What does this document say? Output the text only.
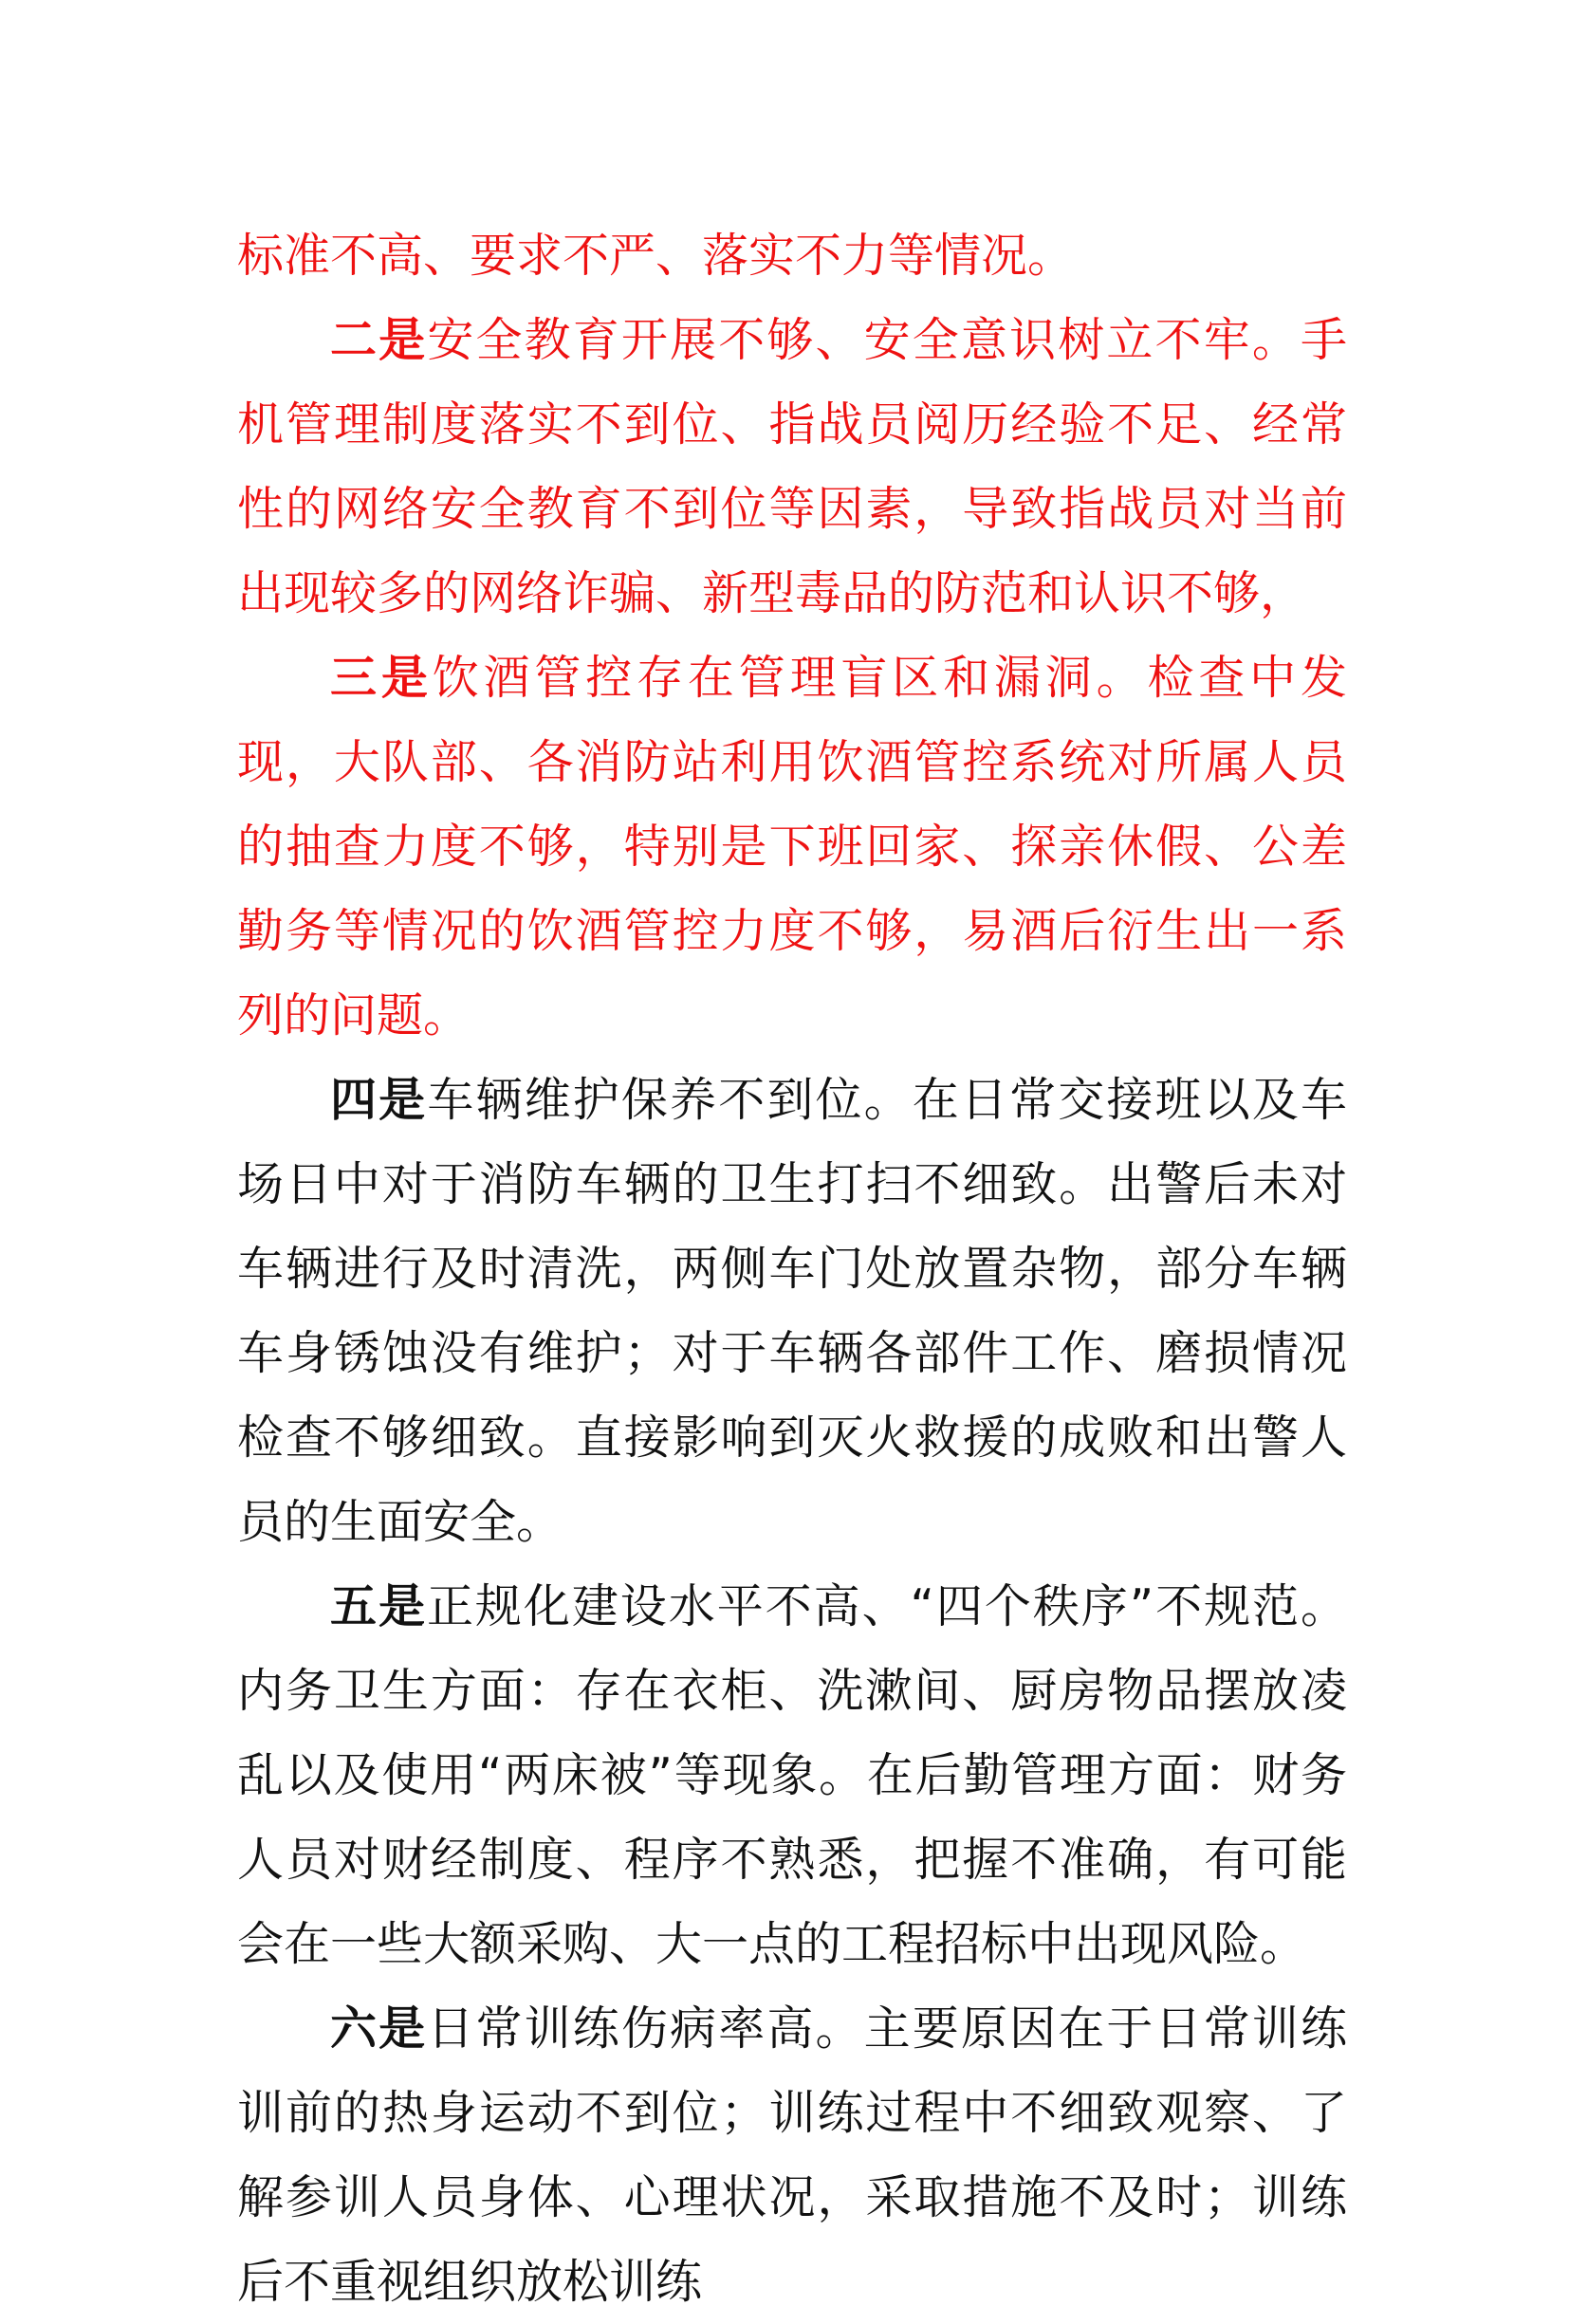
标准不高、要求不严、落实不力等情况。

二是安全教育开展不够、安全意识树立不牢。手机管理制度落实不到位、指战员阅历经验不足、经常性的网络安全教育不到位等因素，导致指战员对当前出现较多的网络诈骗、新型毒品的防范和认识不够，

三是饮酒管控存在管理盲区和漏洞。检查中发现，大队部、各消防站利用饮酒管控系统对所属人员的抽查力度不够，特别是下班回家、探亲休假、公差勤务等情况的饮酒管控力度不够，易酒后衍生出一系列的问题。

四是车辆维护保养不到位。在日常交接班以及车场日中对于消防车辆的卫生打扫不细致。出警后未对车辆进行及时清洗，两侧车门处放置杂物，部分车辆车身锈蚀没有维护；对于车辆各部件工作、磨损情况检查不够细致。直接影响到灭火救援的成败和出警人员的生面安全。

五是正规化建设水平不高、“四个秩序”不规范。内务卫生方面：存在衣柜、洗漱间、厨房物品摆放凌乱以及使用“两床被”等现象。在后勤管理方面：财务人员对财经制度、程序不熟悉，把握不准确，有可能会在一些大额采购、大一点的工程招标中出现风险。

六是日常训练伤病率高。主要原因在于日常训练训前的热身运动不到位；训练过程中不细致观察、了解参训人员身体、心理状况，采取措施不及时；训练后不重视组织放松训练
